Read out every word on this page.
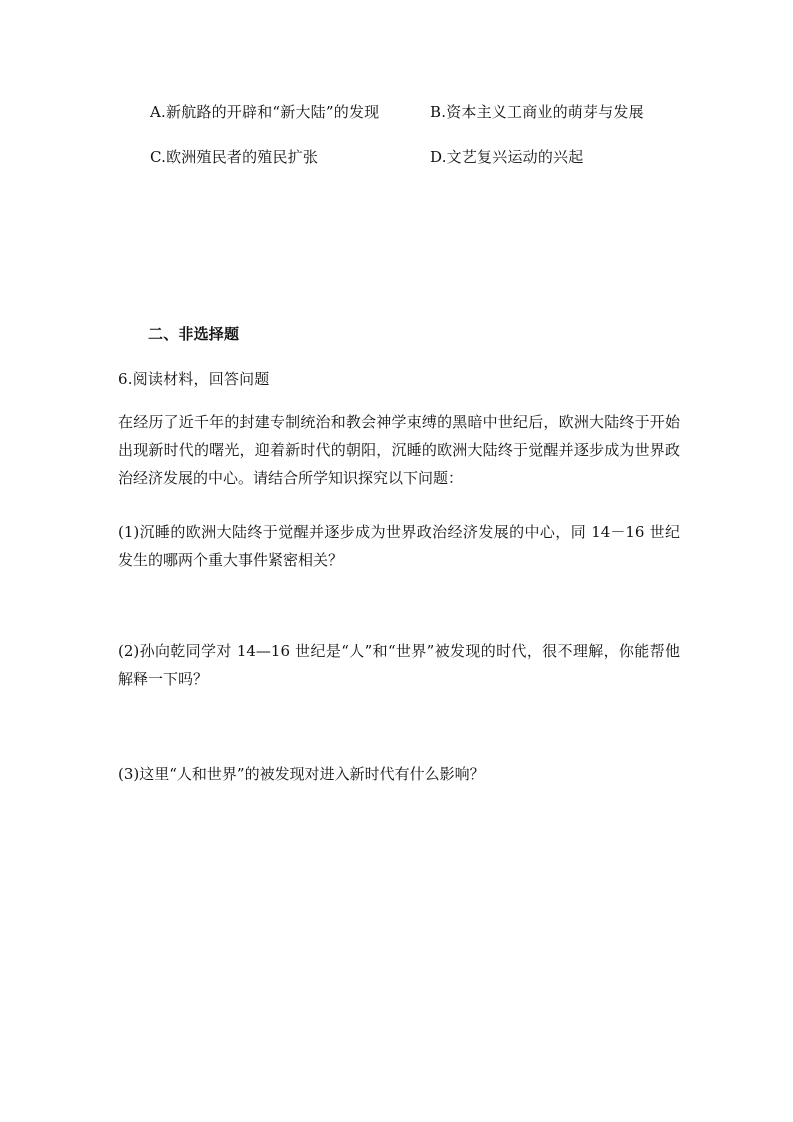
A.新航路的开辟和“新大陆”的发现	B.资本主义工商业的萌芽与发展
C.欧洲殖民者的殖民扩张	D.文艺复兴运动的兴起
二、非选择题
6.阅读材料，回答问题
在经历了近千年的封建专制统治和教会神学束缚的黑暗中世纪后，欧洲大陆终于开始出现新时代的曙光，迎着新时代的朝阳，沉睡的欧洲大陆终于觉醒并逐步成为世界政治经济发展的中心。请结合所学知识探究以下问题：
(1)沉睡的欧洲大陆终于觉醒并逐步成为世界政治经济发展的中心，同 14－16 世纪发生的哪两个重大事件紧密相关？
(2)孙向乾同学对 14—16 世纪是“人”和“世界”被发现的时代，很不理解，你能帮他解释一下吗？
(3)这里“人和世界”的被发现对进入新时代有什么影响？
